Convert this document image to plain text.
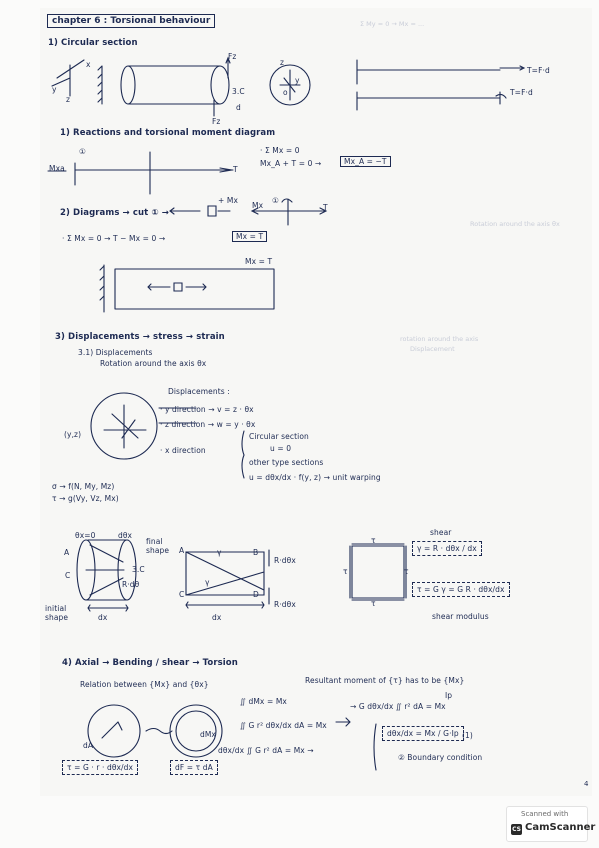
Σ My = 0 → Mx = ...
rotation around the axis
Displacement
Rotation around the axis θx
chapter 6 : Torsional behaviour
1) Circular section
x
y
z
Fz
Fz
3.C
d
z
y
o
T=F·d
T=F·d
1) Reactions and torsional moment diagram
①
Mxa	T
· Σ Mx = 0
Mx_A + T = 0 →	Mx_A = −T
2) Diagrams → cut ① →
+ Mx
Mx
①
T
· Σ Mx = 0 → T − Mx = 0 →	Mx = T
Mx = T
3) Displacements → stress → strain
3.1) Displacements
Rotation around the axis θx
Displacements :
· y direction → v = z · θx
· z direction → w = y · θx
· x direction
Circular section
u = 0
other type sections
u = dθx/dx · f(y, z) → unit warping
(y,z)
σ → f(N, My, Mz)
τ → g(Vy, Vz, Mx)
θx=0	dθx
final shape
A	A	B
C
C	D
3.C
R·dθ
initial shape	dx
R·dθx
R·dθx
dx
γ
γ
τ
τ
τ	τ
shear
γ = R · dθx / dx
τ = G γ = G R · dθx/dx
shear modulus
4) Axial → Bending / shear → Torsion
Relation between {Mx} and {θx}	Resultant moment of {τ} has to be {Mx}
∬ dMx = Mx
∬ G r² dθx/dx dA = Mx
dθx/dx ∬ G r² dA = Mx →
→ G dθx/dx ∬ r² dA = Mx
Ip
dθx/dx = Mx / G·Ip (1)
② Boundary condition
dA
dMx
τ = G · r · dθx/dx	dF = τ dA
4
Scanned with
CS CamScanner
